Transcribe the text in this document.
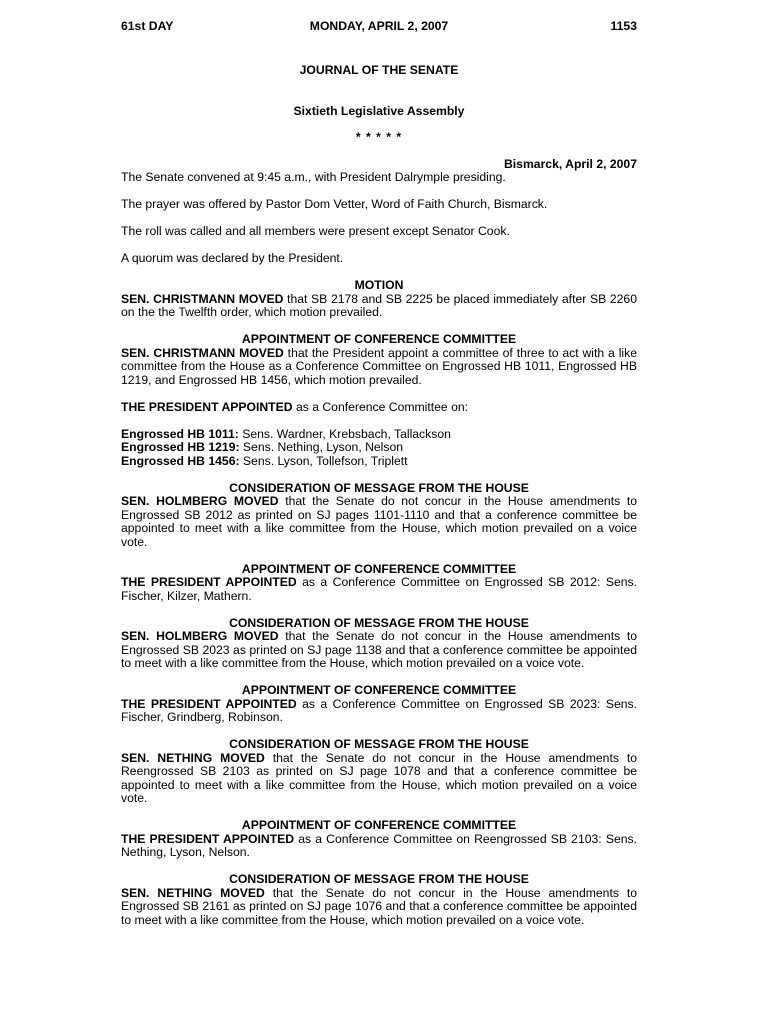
61st DAY	MONDAY, APRIL 2, 2007	1153
JOURNAL OF THE SENATE
Sixtieth Legislative Assembly
* * * * *
Bismarck, April 2, 2007

The Senate convened at 9:45 a.m., with President Dalrymple presiding.

The prayer was offered by Pastor Dom Vetter, Word of Faith Church, Bismarck.

The roll was called and all members were present except Senator Cook.

A quorum was declared by the President.

MOTION

SEN. CHRISTMANN MOVED that SB 2178 and SB 2225 be placed immediately after SB 2260 on the the Twelfth order, which motion prevailed.

APPOINTMENT OF CONFERENCE COMMITTEE

SEN. CHRISTMANN MOVED that the President appoint a committee of three to act with a like committee from the House as a Conference Committee on Engrossed HB 1011, Engrossed HB 1219, and Engrossed HB 1456, which motion prevailed.

THE PRESIDENT APPOINTED as a Conference Committee on:

Engrossed HB 1011: Sens. Wardner, Krebsbach, Tallackson
Engrossed HB 1219: Sens. Nething, Lyson, Nelson
Engrossed HB 1456: Sens. Lyson, Tollefson, Triplett
CONSIDERATION OF MESSAGE FROM THE HOUSE

SEN. HOLMBERG MOVED that the Senate do not concur in the House amendments to Engrossed SB 2012 as printed on SJ pages 1101-1110 and that a conference committee be appointed to meet with a like committee from the House, which motion prevailed on a voice vote.

APPOINTMENT OF CONFERENCE COMMITTEE

THE PRESIDENT APPOINTED as a Conference Committee on Engrossed SB 2012: Sens. Fischer, Kilzer, Mathern.

CONSIDERATION OF MESSAGE FROM THE HOUSE

SEN. HOLMBERG MOVED that the Senate do not concur in the House amendments to Engrossed SB 2023 as printed on SJ page 1138 and that a conference committee be appointed to meet with a like committee from the House, which motion prevailed on a voice vote.

APPOINTMENT OF CONFERENCE COMMITTEE

THE PRESIDENT APPOINTED as a Conference Committee on Engrossed SB 2023: Sens. Fischer, Grindberg, Robinson.

CONSIDERATION OF MESSAGE FROM THE HOUSE

SEN. NETHING MOVED that the Senate do not concur in the House amendments to Reengrossed SB 2103 as printed on SJ page 1078 and that a conference committee be appointed to meet with a like committee from the House, which motion prevailed on a voice vote.

APPOINTMENT OF CONFERENCE COMMITTEE

THE PRESIDENT APPOINTED as a Conference Committee on Reengrossed SB 2103: Sens. Nething, Lyson, Nelson.

CONSIDERATION OF MESSAGE FROM THE HOUSE

SEN. NETHING MOVED that the Senate do not concur in the House amendments to Engrossed SB 2161 as printed on SJ page 1076 and that a conference committee be appointed to meet with a like committee from the House, which motion prevailed on a voice vote.
